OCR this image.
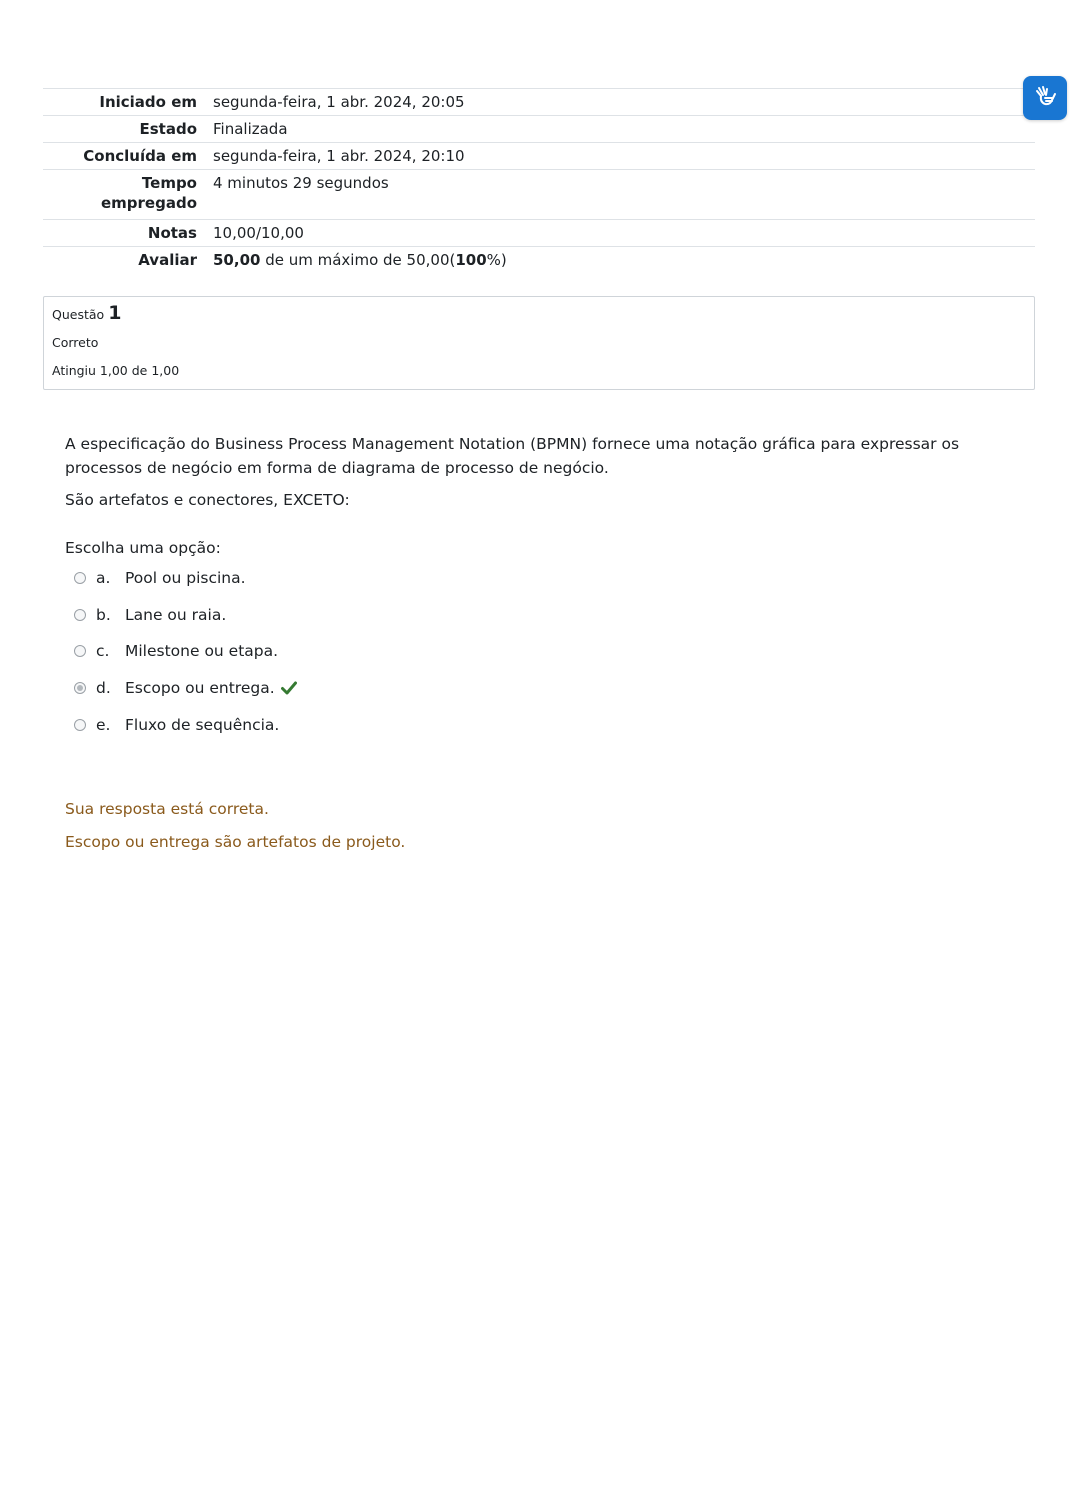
Iniciado em	segunda-feira, 1 abr. 2024, 20:05
Estado	Finalizada
Concluída em	segunda-feira, 1 abr. 2024, 20:10
Tempo
empregado	4 minutos 29 segundos
Notas	10,00/10,00
Avaliar	50,00 de um máximo de 50,00(100%)
Questão 1
Correto
Atingiu 1,00 de 1,00

A especificação do Business Process Management Notation (BPMN) fornece uma notação gráfica para expressar os processos de negócio em forma de diagrama de processo de negócio.

São artefatos e conectores, EXCETO:

Escolha uma opção:
a. Pool ou piscina.
b. Lane ou raia.
c.	Milestone ou etapa.
d. Escopo ou entrega.
e. Fluxo de sequência.
Sua resposta está correta.
Escopo ou entrega são artefatos de projeto.
